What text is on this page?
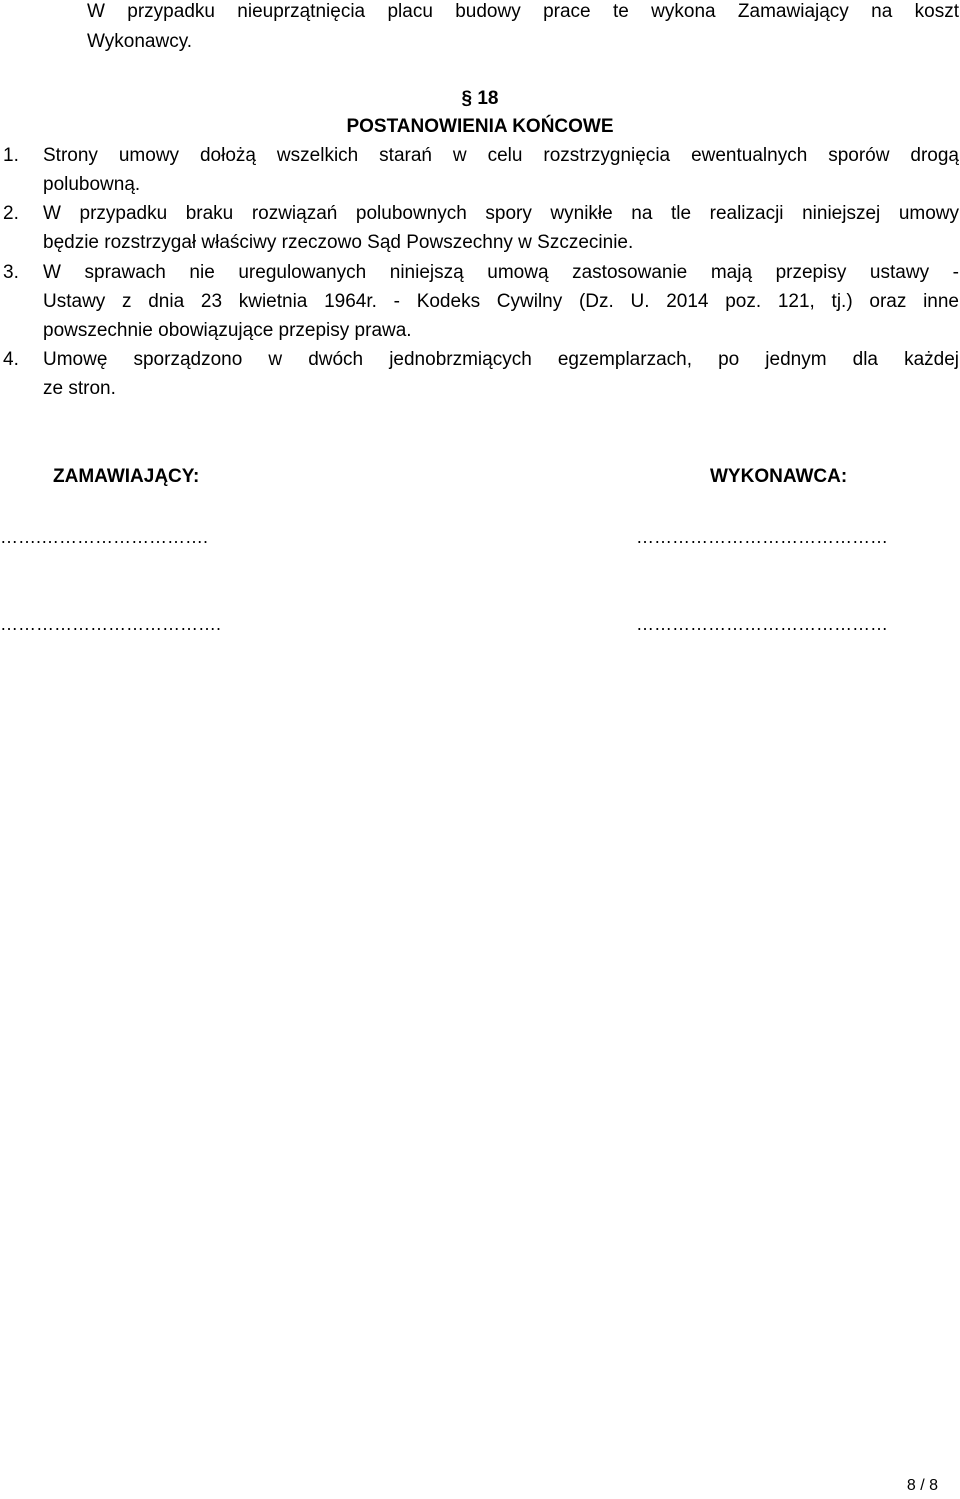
W przypadku nieuprzątnięcia placu budowy prace te wykona Zamawiający na koszt
Wykonawcy.
§ 18
POSTANOWIENIA KOŃCOWE
1.	Strony umowy dołożą wszelkich starań w celu rozstrzygnięcia ewentualnych sporów drogą
polubowną.
2.	W przypadku braku rozwiązań polubownych spory wynikłe na tle realizacji niniejszej umowy
będzie rozstrzygał właściwy rzeczowo Sąd Powszechny w Szczecinie.
3.	W sprawach nie uregulowanych niniejszą umową zastosowanie mają przepisy ustawy -
Ustawy z dnia 23 kwietnia 1964r. - Kodeks Cywilny (Dz. U. 2014 poz. 121, tj.) oraz inne
powszechnie obowiązujące przepisy prawa.
4.	Umowę sporządzono w dwóch jednobrzmiących egzemplarzach, po jednym dla każdej
ze stron.
ZAMAWIAJĄCY:	WYKONAWCA:
…….……………………….	……………………………………
……………………………….	……………………………………
8 / 8
